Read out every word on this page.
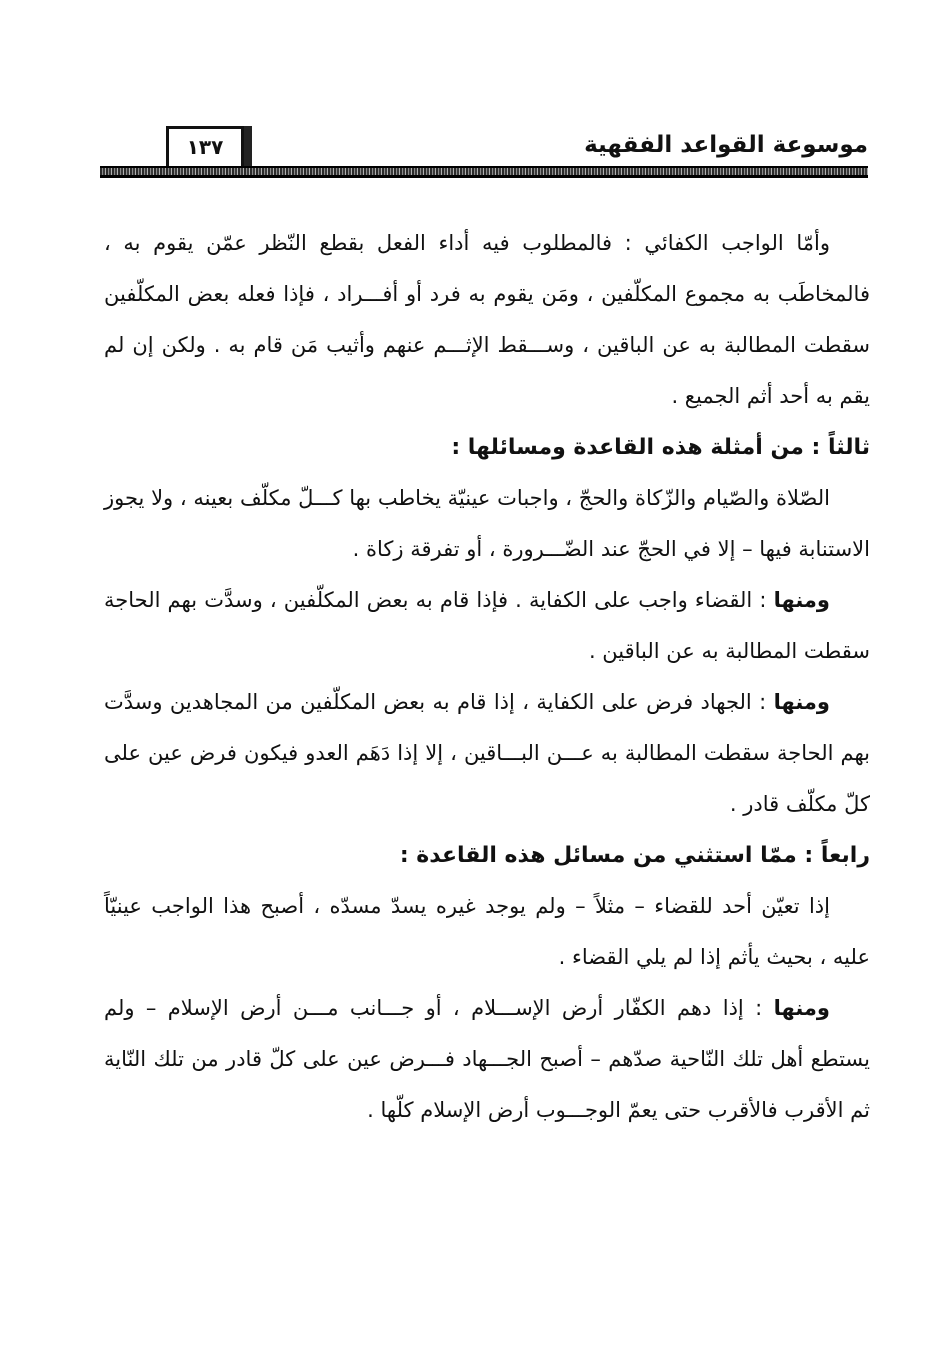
موسوعة القواعد الفقهية
١٣٧

وأمّا الواجب الكفائي : فالمطلوب فيه أداء الفعل بقطع النّظر عمّن يقوم به ، فالمخاطَب به مجموع المكلّفين ، ومَن يقوم به فرد أو أفـــراد ، فإذا فعله بعض المكلّفين سقطت المطالبة به عن الباقين ، وســـقط الإثـــم عنهم وأثيب مَن قام به . ولكن إن لم يقم به أحد أثم الجميع .

ثالثاً : من أمثلة هذه القاعدة ومسائلها :

الصّلاة والصّيام والزّكاة والحجّ ، واجبات عينيّة يخاطب بها كـــلّ مكلّف بعينه ، ولا يجوز الاستنابة فيها – إلا في الحجّ عند الضّـــرورة ، أو تفرقة زكاة .

ومنها : القضاء واجب على الكفاية . فإذا قام به بعض المكلّفين ، وسدَّت بهم الحاجة سقطت المطالبة به عن الباقين .

ومنها : الجهاد فرض على الكفاية ، إذا قام به بعض المكلّفين من المجاهدين وسدَّت بهم الحاجة سقطت المطالبة به عـــن البـــاقين ، إلا إذا دَهَم العدو فيكون فرض عين على كلّ مكلّف قادر .

رابعاً : ممّا استثني من مسائل هذه القاعدة :

إذا تعيّن أحد للقضاء – مثلاً – ولم يوجد غيره يسدّ مسدّه ، أصبح هذا الواجب عينيّاً عليه ، بحيث يأثم إذا لم يلي القضاء .

ومنها : إذا دهم الكفّار أرض الإســـلام ، أو جـــانب مـــن أرض الإسلام – ولم يستطع أهل تلك النّاحية صدّهم – أصبح الجـــهاد فـــرض عين على كلّ قادر من تلك النّاية ثم الأقرب فالأقرب حتى يعمّ الوجـــوب أرض الإسلام كلّها .
